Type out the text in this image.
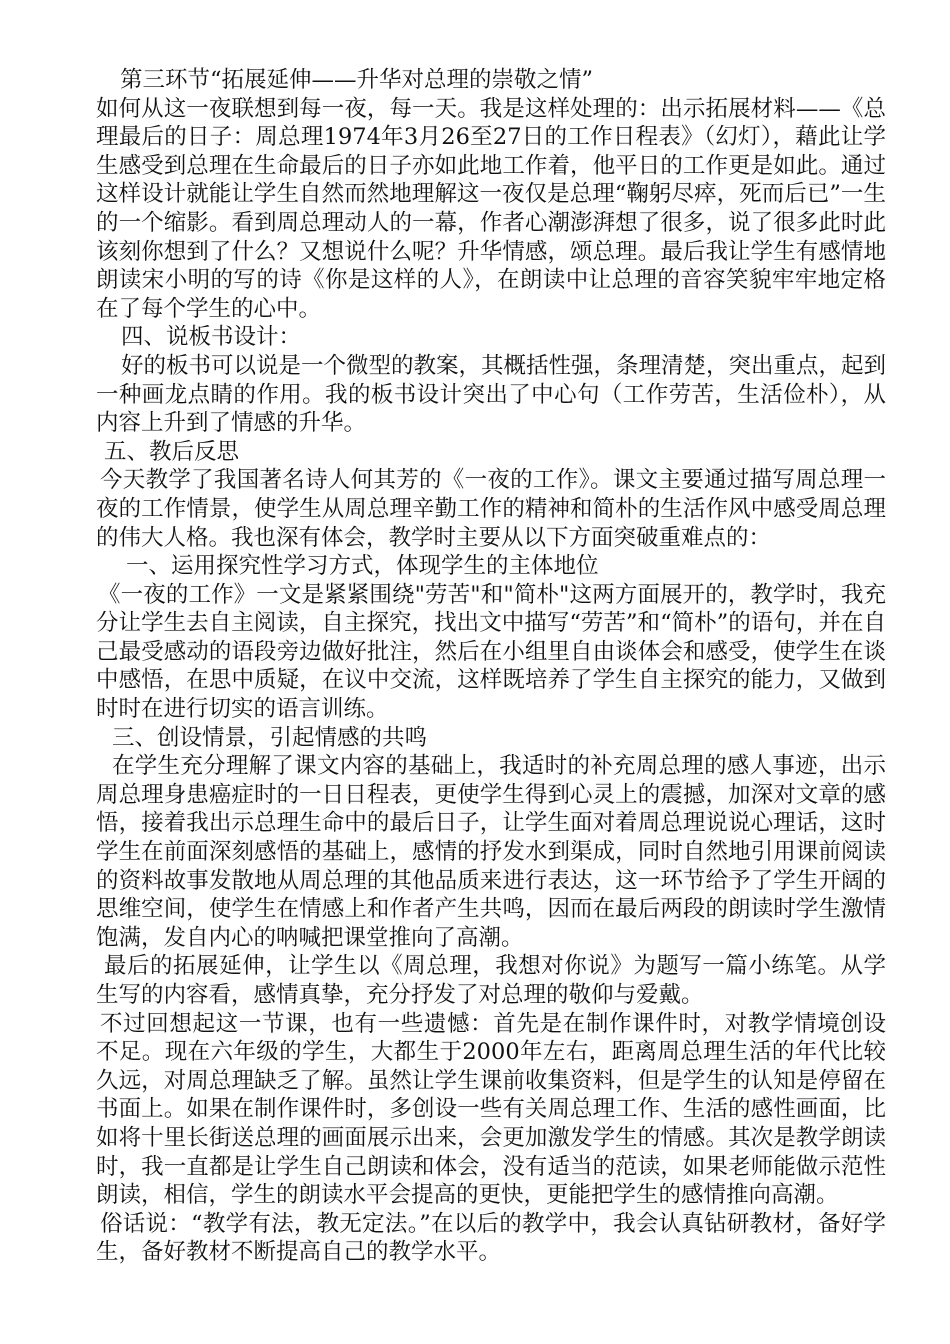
第三环节“拓展延伸——升华对总理的崇敬之情”

如何从这一夜联想到每一夜，每一天。我是这样处理的：出示拓展材料——《总理最后的日子：周总理1974年3月26至27日的工作日程表》（幻灯），藉此让学生感受到总理在生命最后的日子亦如此地工作着，他平日的工作更是如此。通过这样设计就能让学生自然而然地理解这一夜仅是总理“鞠躬尽瘁，死而后已”一生的一个缩影。看到周总理动人的一幕，作者心潮澎湃想了很多，说了很多此时此该刻你想到了什么？又想说什么呢？升华情感，颂总理。最后我让学生有感情地朗读宋小明的写的诗《你是这样的人》，在朗读中让总理的音容笑貌牢牢地定格在了每个学生的心中。

四、说板书设计：

好的板书可以说是一个微型的教案，其概括性强，条理清楚，突出重点，起到一种画龙点睛的作用。我的板书设计突出了中心句（工作劳苦，生活俭朴），从内容上升到了情感的升华。

五、教后反思

今天教学了我国著名诗人何其芳的《一夜的工作》。课文主要通过描写周总理一夜的工作情景，使学生从周总理辛勤工作的精神和简朴的生活作风中感受周总理的伟大人格。我也深有体会，教学时主要从以下方面突破重难点的：

一、运用探究性学习方式，体现学生的主体地位

《一夜的工作》一文是紧紧围绕"劳苦"和"简朴"这两方面展开的，教学时，我充分让学生去自主阅读，自主探究，找出文中描写“劳苦”和“简朴”的语句，并在自己最受感动的语段旁边做好批注，然后在小组里自由谈体会和感受，使学生在谈中感悟，在思中质疑，在议中交流，这样既培养了学生自主探究的能力，又做到时时在进行切实的语言训练。

三、创设情景，引起情感的共鸣

在学生充分理解了课文内容的基础上，我适时的补充周总理的感人事迹，出示周总理身患癌症时的一日日程表，更使学生得到心灵上的震撼，加深对文章的感悟，接着我出示总理生命中的最后日子，让学生面对着周总理说说心理话，这时学生在前面深刻感悟的基础上，感情的抒发水到渠成，同时自然地引用课前阅读的资料故事发散地从周总理的其他品质来进行表达，这一环节给予了学生开阔的思维空间，使学生在情感上和作者产生共鸣，因而在最后两段的朗读时学生激情饱满，发自内心的呐喊把课堂推向了高潮。

最后的拓展延伸，让学生以《周总理，我想对你说》为题写一篇小练笔。从学生写的内容看，感情真挚，充分抒发了对总理的敬仰与爱戴。

不过回想起这一节课，也有一些遗憾：首先是在制作课件时，对教学情境创设不足。现在六年级的学生，大都生于2000年左右，距离周总理生活的年代比较久远，对周总理缺乏了解。虽然让学生课前收集资料，但是学生的认知是停留在书面上。如果在制作课件时，多创设一些有关周总理工作、生活的感性画面，比如将十里长街送总理的画面展示出来，会更加激发学生的情感。其次是教学朗读时，我一直都是让学生自己朗读和体会，没有适当的范读，如果老师能做示范性朗读，相信，学生的朗读水平会提高的更快，更能把学生的感情推向高潮。

俗话说：“教学有法，教无定法。”在以后的教学中，我会认真钻研教材，备好学生，备好教材不断提高自己的教学水平。
